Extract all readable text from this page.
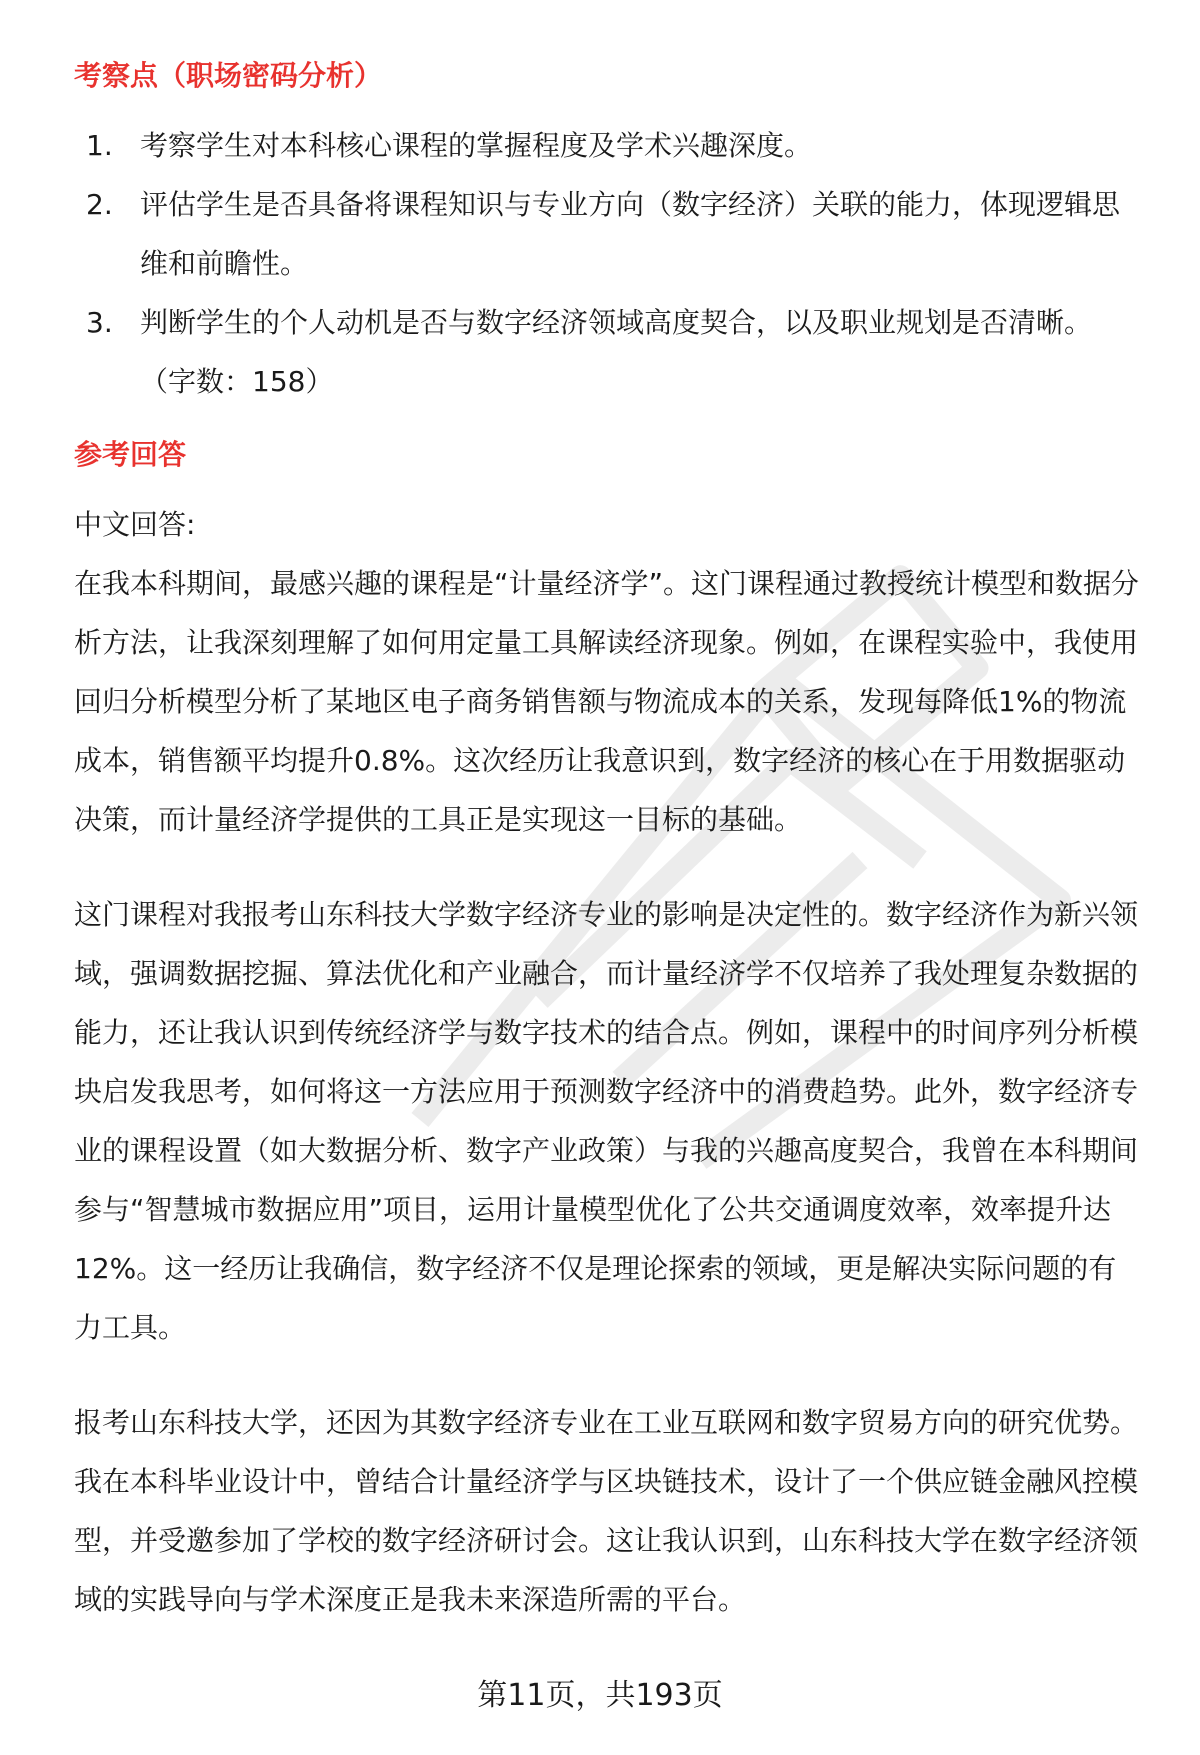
考察点（职场密码分析）
1. 考察学生对本科核心课程的掌握程度及学术兴趣深度。
2. 评估学生是否具备将课程知识与专业方向（数字经济）关联的能力，体现逻辑思维和前瞻性。
3. 判断学生的个人动机是否与数字经济领域高度契合，以及职业规划是否清晰。
（字数：158）
参考回答

中文回答:

在我本科期间，最感兴趣的课程是“计量经济学”。这门课程通过教授统计模型和数据分析方法，让我深刻理解了如何用定量工具解读经济现象。例如，在课程实验中，我使用回归分析模型分析了某地区电子商务销售额与物流成本的关系，发现每降低1%的物流成本，销售额平均提升0.8%。这次经历让我意识到，数字经济的核心在于用数据驱动决策，而计量经济学提供的工具正是实现这一目标的基础。

这门课程对我报考山东科技大学数字经济专业的影响是决定性的。数字经济作为新兴领域，强调数据挖掘、算法优化和产业融合，而计量经济学不仅培养了我处理复杂数据的能力，还让我认识到传统经济学与数字技术的结合点。例如，课程中的时间序列分析模块启发我思考，如何将这一方法应用于预测数字经济中的消费趋势。此外，数字经济专业的课程设置（如大数据分析、数字产业政策）与我的兴趣高度契合，我曾在本科期间参与“智慧城市数据应用”项目，运用计量模型优化了公共交通调度效率，效率提升达12%。这一经历让我确信，数字经济不仅是理论探索的领域，更是解决实际问题的有力工具。

报考山东科技大学，还因为其数字经济专业在工业互联网和数字贸易方向的研究优势。我在本科毕业设计中，曾结合计量经济学与区块链技术，设计了一个供应链金融风控模型，并受邀参加了学校的数字经济研讨会。这让我认识到，山东科技大学在数字经济领域的实践导向与学术深度正是我未来深造所需的平台。

第11页，共193页
